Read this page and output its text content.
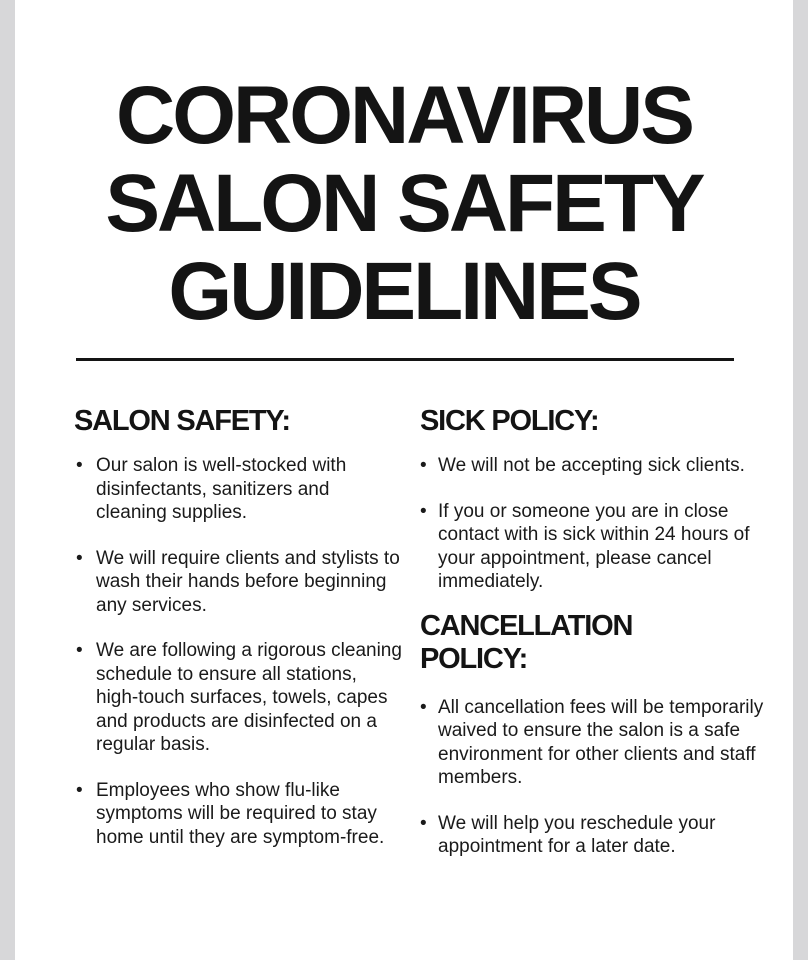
CORONAVIRUS
SALON SAFETY
GUIDELINES
SALON SAFETY:
• Our salon is well-stocked with disinfectants, sanitizers and cleaning supplies.
• We will require clients and stylists to wash their hands before beginning any services.
• We are following a rigorous cleaning schedule to ensure all stations, high-touch surfaces, towels, capes and products are disinfected on a regular basis.
• Employees who show flu-like symptoms will be required to stay home until they are symptom-free.
SICK POLICY:
• We will not be accepting sick clients.
• If you or someone you are in close contact with is sick within 24 hours of your appointment, please cancel immediately.
CANCELLATION
POLICY:
• All cancellation fees will be temporarily waived to ensure the salon is a safe environment for other clients and staff members.
• We will help you reschedule your appointment for a later date.
